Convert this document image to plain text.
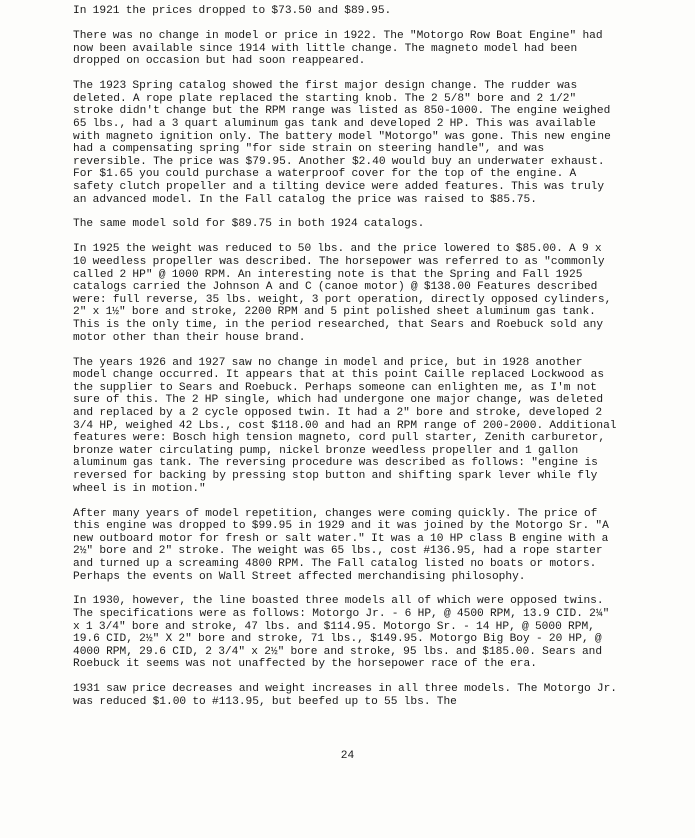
In 1921 the prices dropped to $73.50 and $89.95.

There was no change in model or price in 1922. The "Motorgo Row Boat Engine" had now been available since 1914 with little change. The magneto model had been dropped on occasion but had soon reappeared.

The 1923 Spring catalog showed the first major design change. The rudder was deleted. A rope plate replaced the starting knob. The 2 5/8" bore and 2 1/2" stroke didn't change but the RPM range was listed as 850-1000. The engine weighed 65 lbs., had a 3 quart aluminum gas tank and developed 2 HP. This was available with magneto ignition only. The battery model "Motorgo" was gone. This new engine had a compensating spring "for side strain on steering handle", and was reversible. The price was $79.95. Another $2.40 would buy an underwater exhaust. For $1.65 you could purchase a waterproof cover for the top of the engine. A safety clutch propeller and a tilting device were added features. This was truly an advanced model. In the Fall catalog the price was raised to $85.75.

The same model sold for $89.75 in both 1924 catalogs.

In 1925 the weight was reduced to 50 lbs. and the price lowered to $85.00. A 9 x 10 weedless propeller was described. The horsepower was referred to as "commonly called 2 HP" @ 1000 RPM. An interesting note is that the Spring and Fall 1925 catalogs carried the Johnson A and C (canoe motor) @ $138.00 Features described were: full reverse, 35 lbs. weight, 3 port operation, directly opposed cylinders, 2" x 1½" bore and stroke, 2200 RPM and 5 pint polished sheet aluminum gas tank. This is the only time, in the period researched, that Sears and Roebuck sold any motor other than their house brand.

The years 1926 and 1927 saw no change in model and price, but in 1928 another model change occurred. It appears that at this point Caille replaced Lockwood as the supplier to Sears and Roebuck. Perhaps someone can enlighten me, as I'm not sure of this. The 2 HP single, which had undergone one major change, was deleted and replaced by a 2 cycle opposed twin. It had a 2" bore and stroke, developed 2 3/4 HP, weighed 42 Lbs., cost $118.00 and had an RPM range of 200-2000. Additional features were: Bosch high tension magneto, cord pull starter, Zenith carburetor, bronze water circulating pump, nickel bronze weedless propeller and 1 gallon aluminum gas tank. The reversing procedure was described as follows: "engine is reversed for backing by pressing stop button and shifting spark lever while fly wheel is in motion."

After many years of model repetition, changes were coming quickly. The price of this engine was dropped to $99.95 in 1929 and it was joined by the Motorgo Sr. "A new outboard motor for fresh or salt water." It was a 10 HP class B engine with a 2½" bore and 2" stroke. The weight was 65 lbs., cost #136.95, had a rope starter and turned up a screaming 4800 RPM. The Fall catalog listed no boats or motors. Perhaps the events on Wall Street affected merchandising philosophy.

In 1930, however, the line boasted three models all of which were opposed twins. The specifications were as follows: Motorgo Jr. - 6 HP, @ 4500 RPM, 13.9 CID. 2¼" x 1 3/4" bore and stroke, 47 lbs. and $114.95. Motorgo Sr. - 14 HP, @ 5000 RPM, 19.6 CID, 2½" X 2" bore and stroke, 71 lbs., $149.95. Motorgo Big Boy - 20 HP, @ 4000 RPM, 29.6 CID, 2 3/4" x 2½" bore and stroke, 95 lbs. and $185.00. Sears and Roebuck it seems was not unaffected by the horsepower race of the era.

1931 saw price decreases and weight increases in all three models. The Motorgo Jr. was reduced $1.00 to #113.95, but beefed up to 55 lbs. The

24
